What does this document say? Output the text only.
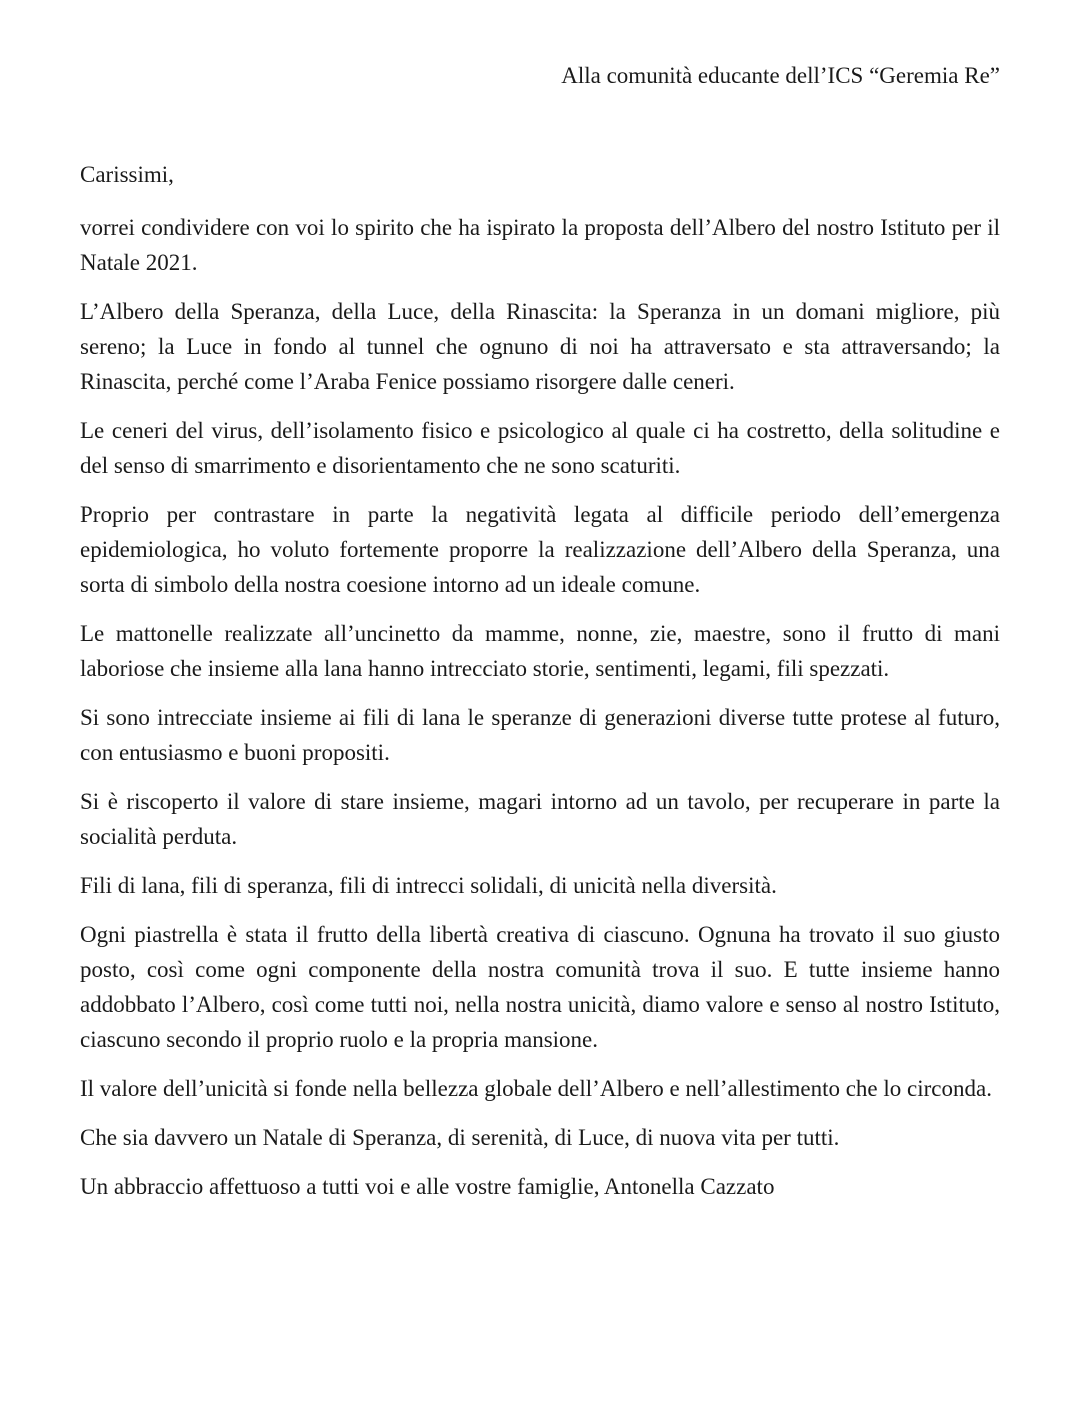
Alla comunità educante dell’ICS “Geremia Re”

Carissimi,

vorrei condividere con voi lo spirito che ha ispirato la proposta dell’Albero del nostro Istituto per il Natale 2021.

L’Albero della Speranza, della Luce, della Rinascita: la Speranza in un domani migliore, più sereno; la Luce in fondo al tunnel che ognuno di noi ha attraversato e sta attraversando; la Rinascita, perché come l’Araba Fenice possiamo risorgere dalle ceneri.

Le ceneri del virus, dell’isolamento fisico e psicologico al quale ci ha costretto, della solitudine e del senso di smarrimento e disorientamento che ne sono scaturiti.

Proprio per contrastare in parte la negatività legata al difficile periodo dell’emergenza epidemiologica, ho voluto fortemente proporre la realizzazione dell’Albero della Speranza, una sorta di simbolo della nostra coesione intorno ad un ideale comune.

Le mattonelle realizzate all’uncinetto da mamme, nonne, zie, maestre, sono il frutto di mani laboriose che insieme alla lana hanno intrecciato storie, sentimenti, legami, fili spezzati.

Si sono intrecciate insieme ai fili di lana le speranze di generazioni diverse tutte protese al futuro, con entusiasmo e buoni propositi.

Si è riscoperto il valore di stare insieme, magari intorno ad un tavolo, per recuperare in parte la socialità perduta.

Fili di lana, fili di speranza, fili di intrecci solidali, di unicità nella diversità.

Ogni piastrella è stata il frutto della libertà creativa di ciascuno. Ognuna ha trovato il suo giusto posto, così come ogni componente della nostra comunità trova il suo. E tutte insieme hanno addobbato l’Albero, così come tutti noi, nella nostra unicità, diamo valore e senso al nostro Istituto, ciascuno secondo il proprio ruolo e la propria mansione.

Il valore dell’unicità si fonde nella bellezza globale dell’Albero e nell’allestimento che lo circonda.

Che sia davvero un Natale di Speranza, di serenità, di Luce, di nuova vita per tutti.

Un abbraccio affettuoso a tutti voi e alle vostre famiglie, Antonella Cazzato
